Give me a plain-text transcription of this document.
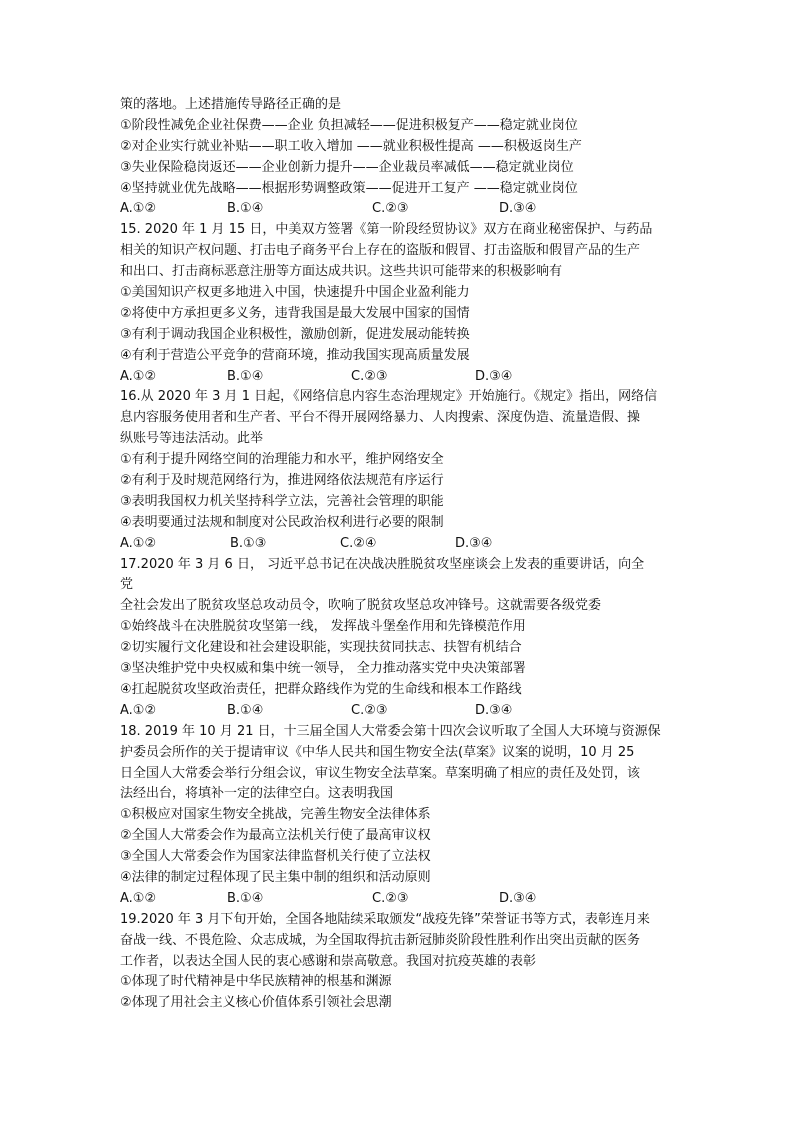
策的落地。上述措施传导路径正确的是
①阶段性减免企业社保费——企业 负担减轻——促进积极复产——稳定就业岗位
②对企业实行就业补贴——职工收入增加 ——就业积极性提高 ——积极返岗生产
③失业保险稳岗返还——企业创新力提升——企业裁员率减低——稳定就业岗位
④坚持就业优先战略——根据形势调整政策——促进开工复产 ——稳定就业岗位
A.①②	B.①④	C.②③	D.③④
15. 2020 年 1 月 15 日，中美双方签署《第一阶段经贸协议》双方在商业秘密保护、与药品
相关的知识产权问题、打击电子商务平台上存在的盗版和假冒、打击盗版和假冒产品的生产
和出口、打击商标恶意注册等方面达成共识。这些共识可能带来的积极影响有
①美国知识产权更多地进入中国，快速提升中国企业盈利能力
②将使中方承担更多义务，违背我国是最大发展中国家的国情
③有利于调动我国企业积极性，激励创新，促进发展动能转换
④有利于营造公平竞争的营商环境，推动我国实现高质量发展
A.①②	B.①④	C.②③	D.③④
16.从 2020 年 3 月 1 日起，《网络信息内容生态治理规定》开始施行。《规定》指出，网络信
息内容服务使用者和生产者、平台不得开展网络暴力、人肉搜索、深度伪造、流量造假、操
纵账号等违法活动。此举
①有利于提升网络空间的治理能力和水平，维护网络安全
②有利于及时规范网络行为，推进网络依法规范有序运行
③表明我国权力机关坚持科学立法，完善社会管理的职能
④表明要通过法规和制度对公民政治权利进行必要的限制
A.①②	B.①③	C.②④	D.③④
17.2020 年 3 月 6 日， 习近平总书记在决战决胜脱贫攻坚座谈会上发表的重要讲话，向全
党
全社会发出了脱贫攻坚总攻动员令，吹响了脱贫攻坚总攻冲锋号。这就需要各级党委
①始终战斗在决胜脱贫攻坚第一线， 发挥战斗堡垒作用和先锋模范作用
②切实履行文化建设和社会建设职能，实现扶贫同扶志、扶智有机结合
③坚决维护党中央权威和集中统一领导， 全力推动落实党中央决策部署
④扛起脱贫攻坚政治责任，把群众路线作为党的生命线和根本工作路线
A.①②	B.①④	C.②③	D.③④
18. 2019 年 10 月 21 日，十三届全国人大常委会第十四次会议听取了全国人大环境与资源保
护委员会所作的关于提请审议《中华人民共和国生物安全法(草案》议案的说明，10 月 25
日全国人大常委会举行分组会议，审议生物安全法草案。草案明确了相应的责任及处罚，该
法经出台，将填补一定的法律空白。这表明我国
①积极应对国家生物安全挑战，完善生物安全法律体系
②全国人大常委会作为最高立法机关行使了最高审议权
③全国人大常委会作为国家法律监督机关行使了立法权
④法律的制定过程体现了民主集中制的组织和活动原则
A.①②	B.①④	C.②③	D.③④
19.2020 年 3 月下旬开始，全国各地陆续采取颁发“战疫先锋”荣誉证书等方式，表彰连月来
奋战一线、不畏危险、众志成城，为全国取得抗击新冠肺炎阶段性胜利作出突出贡献的医务
工作者，以表达全国人民的衷心感谢和崇高敬意。我国对抗疫英雄的表彰
①体现了时代精神是中华民族精神的根基和渊源
②体现了用社会主义核心价值体系引领社会思潮
